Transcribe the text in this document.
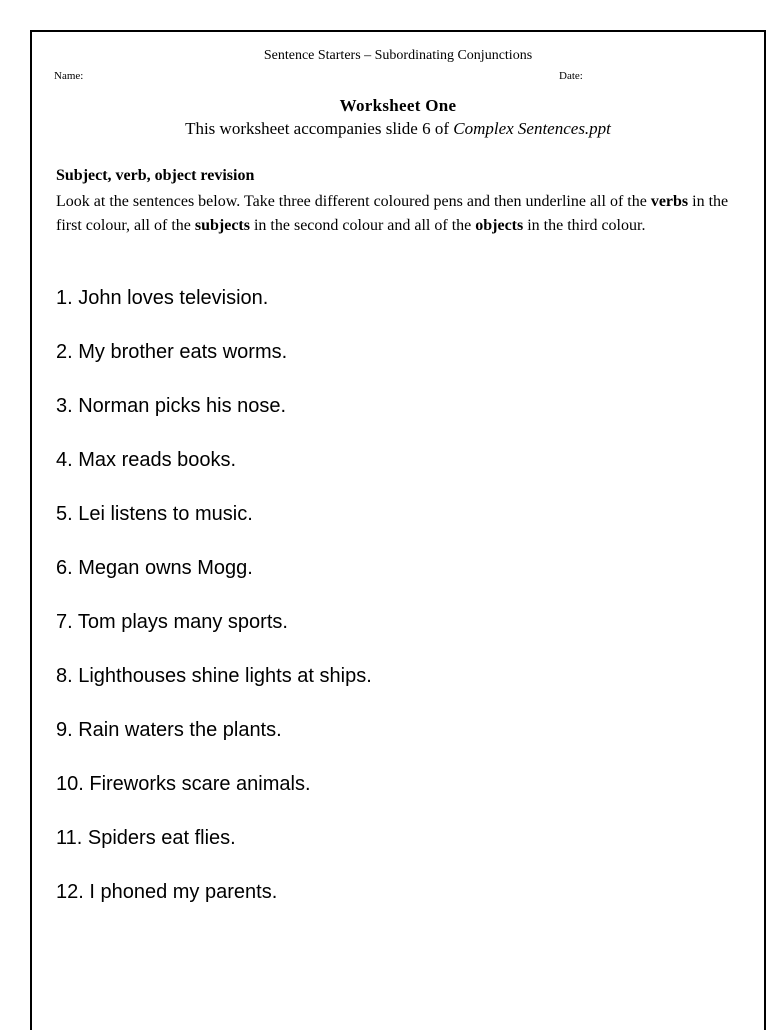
Sentence Starters – Subordinating Conjunctions
Name:	Date:
Worksheet One
This worksheet accompanies slide 6 of Complex Sentences.ppt
Subject, verb, object revision
Look at the sentences below. Take three different coloured pens and then underline all of the verbs in the first colour, all of the subjects in the second colour and all of the objects in the third colour.
1. John loves television.
2. My brother eats worms.
3. Norman picks his nose.
4. Max reads books.
5. Lei listens to music.
6. Megan owns Mogg.
7. Tom plays many sports.
8. Lighthouses shine lights at ships.
9. Rain waters the plants.
10. Fireworks scare animals.
11. Spiders eat flies.
12. I phoned my parents.
